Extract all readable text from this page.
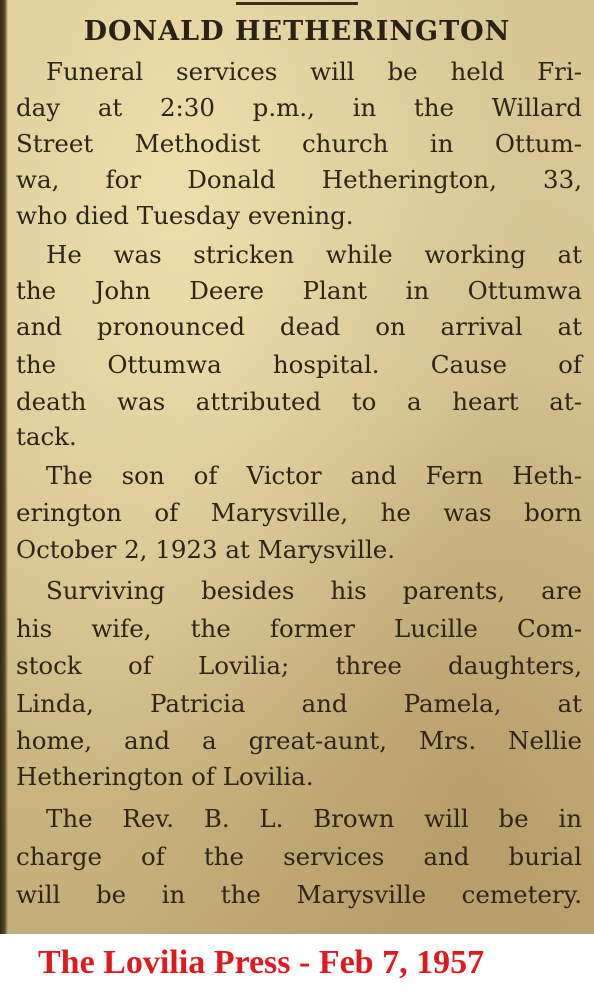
DONALD HETHERINGTON
Funeral services will be held Fri-
day at 2:30 p.m., in the Willard
Street Methodist church in Ottum-
wa, for Donald Hetherington, 33,
who died Tuesday evening.
He was stricken while working at
the John Deere Plant in Ottumwa
and pronounced dead on arrival at
the Ottumwa hospital. Cause of
death was attributed to a heart at-
tack.
The son of Victor and Fern Heth-
erington of Marysville, he was born
October 2, 1923 at Marysville.
Surviving besides his parents, are
his wife, the former Lucille Com-
stock of Lovilia; three daughters,
Linda, Patricia and Pamela, at
home, and a great-aunt, Mrs. Nellie
Hetherington of Lovilia.
The Rev. B. L. Brown will be in
charge of the services and burial
will be in the Marysville cemetery.
The Lovilia Press - Feb 7, 1957
